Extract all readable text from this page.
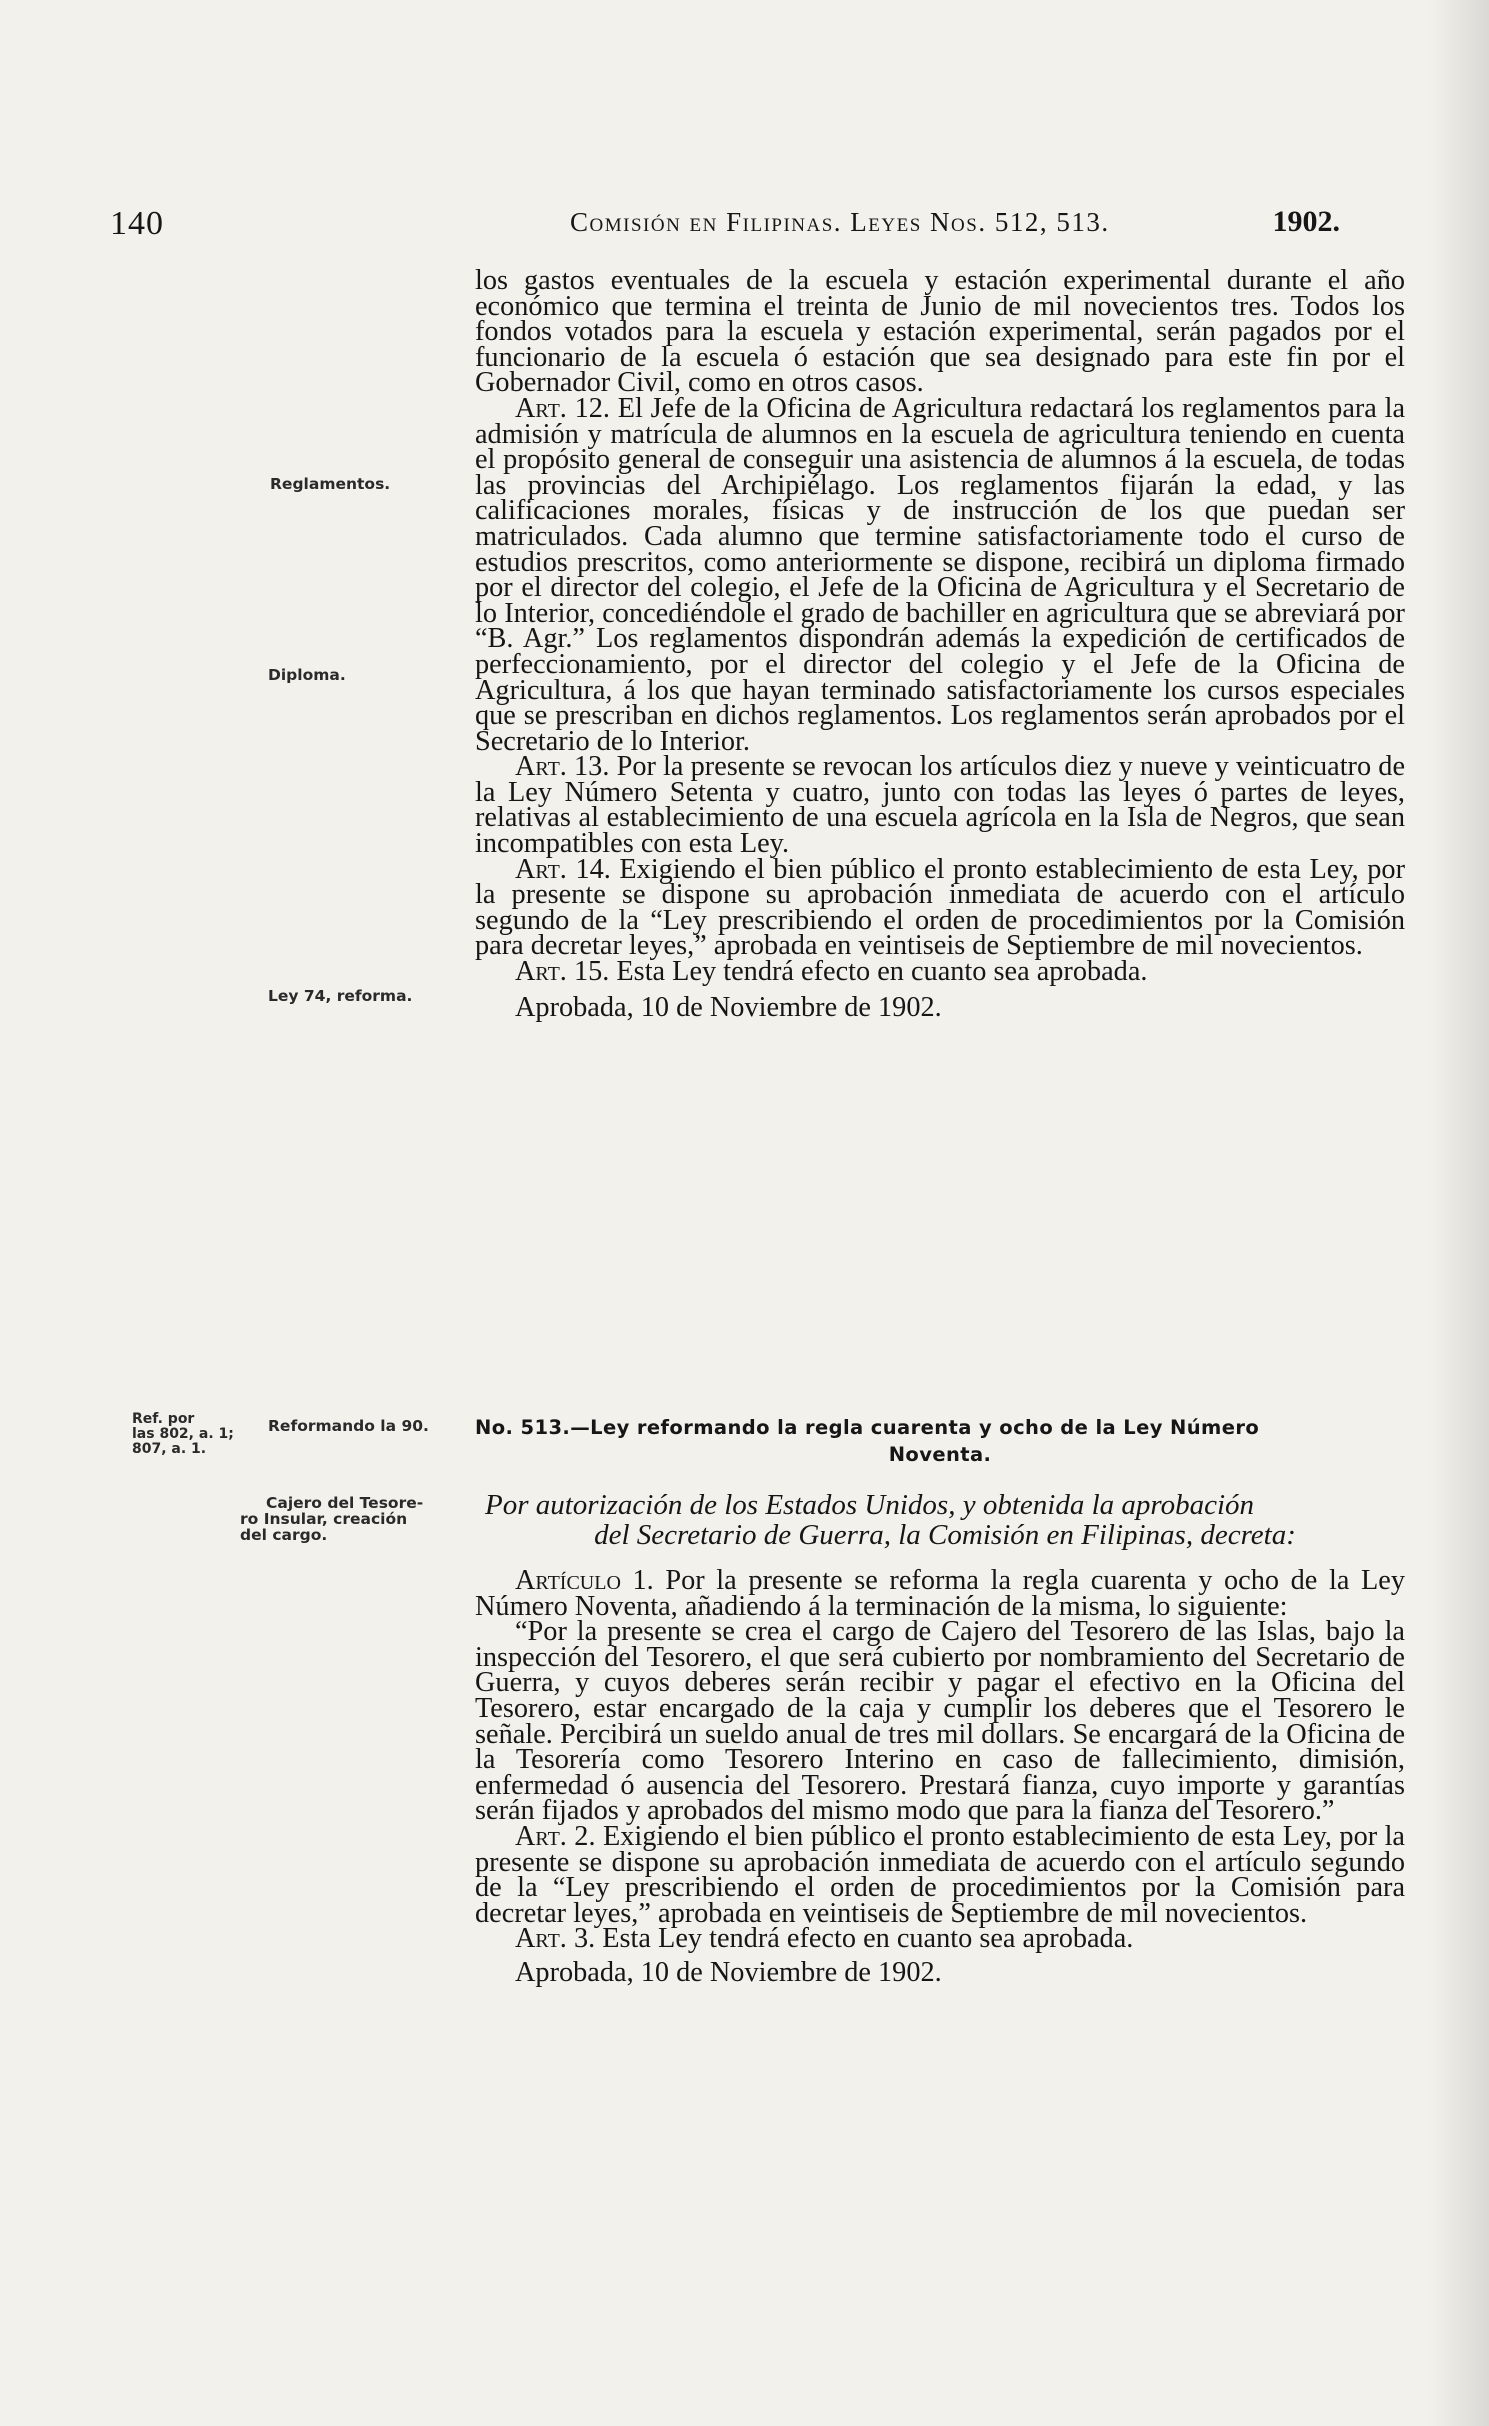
140	Comisión en Filipinas. Leyes Nos. 512, 513.	1902.
Reglamentos.
Diploma.
Ley 74, reforma.
Ref. por
las 802, a. 1;
807, a. 1.
Reformando la 90.
Cajero del Tesore-
ro Insular, creación
del cargo.

los gastos eventuales de la escuela y estación experimental durante el año económico que termina el treinta de Junio de mil novecientos tres. Todos los fondos votados para la escuela y estación experimental, serán pagados por el funcionario de la escuela ó estación que sea designado para este fin por el Gobernador Civil, como en otros casos.

Art. 12. El Jefe de la Oficina de Agricultura redactará los reglamentos para la admisión y matrícula de alumnos en la escuela de agricultura teniendo en cuenta el propósito general de conseguir una asistencia de alumnos á la escuela, de todas las provincias del Archipiélago. Los reglamentos fijarán la edad, y las calificaciones morales, físicas y de instrucción de los que puedan ser matriculados. Cada alumno que termine satisfactoriamente todo el curso de estudios prescritos, como anteriormente se dispone, recibirá un diploma firmado por el director del colegio, el Jefe de la Oficina de Agricultura y el Secretario de lo Interior, concediéndole el grado de bachiller en agricultura que se abreviará por “B. Agr.” Los reglamentos dispondrán además la expedición de certificados de perfeccionamiento, por el director del colegio y el Jefe de la Oficina de Agricultura, á los que hayan terminado satisfactoriamente los cursos especiales que se prescriban en dichos reglamentos. Los reglamentos serán aprobados por el Secretario de lo Interior.

Art. 13. Por la presente se revocan los artículos diez y nueve y veinticuatro de la Ley Número Setenta y cuatro, junto con todas las leyes ó partes de leyes, relativas al establecimiento de una escuela agrícola en la Isla de Negros, que sean incompatibles con esta Ley.

Art. 14. Exigiendo el bien público el pronto establecimiento de esta Ley, por la presente se dispone su aprobación inmediata de acuerdo con el artículo segundo de la “Ley prescribiendo el orden de procedimientos por la Comisión para decretar leyes,” aprobada en veintiseis de Septiembre de mil novecientos.

Art. 15. Esta Ley tendrá efecto en cuanto sea aprobada.

Aprobada, 10 de Noviembre de 1902.

No. 513.—Ley reformando la regla cuarenta y ocho de la Ley Número
Noventa.
Por autorización de los Estados Unidos, y obtenida la aprobación
del Secretario de Guerra, la Comisión en Filipinas, decreta:

Artículo 1. Por la presente se reforma la regla cuarenta y ocho de la Ley Número Noventa, añadiendo á la terminación de la misma, lo siguiente:

“Por la presente se crea el cargo de Cajero del Tesorero de las Islas, bajo la inspección del Tesorero, el que será cubierto por nombramiento del Secretario de Guerra, y cuyos deberes serán recibir y pagar el efectivo en la Oficina del Tesorero, estar encargado de la caja y cumplir los deberes que el Tesorero le señale. Percibirá un sueldo anual de tres mil dollars. Se encargará de la Oficina de la Tesorería como Tesorero Interino en caso de fallecimiento, dimisión, enfermedad ó ausencia del Tesorero. Prestará fianza, cuyo importe y garantías serán fijados y aprobados del mismo modo que para la fianza del Tesorero.”

Art. 2. Exigiendo el bien público el pronto establecimiento de esta Ley, por la presente se dispone su aprobación inmediata de acuerdo con el artículo segundo de la “Ley prescribiendo el orden de procedimientos por la Comisión para decretar leyes,” aprobada en veintiseis de Septiembre de mil novecientos.

Art. 3. Esta Ley tendrá efecto en cuanto sea aprobada.

Aprobada, 10 de Noviembre de 1902.
